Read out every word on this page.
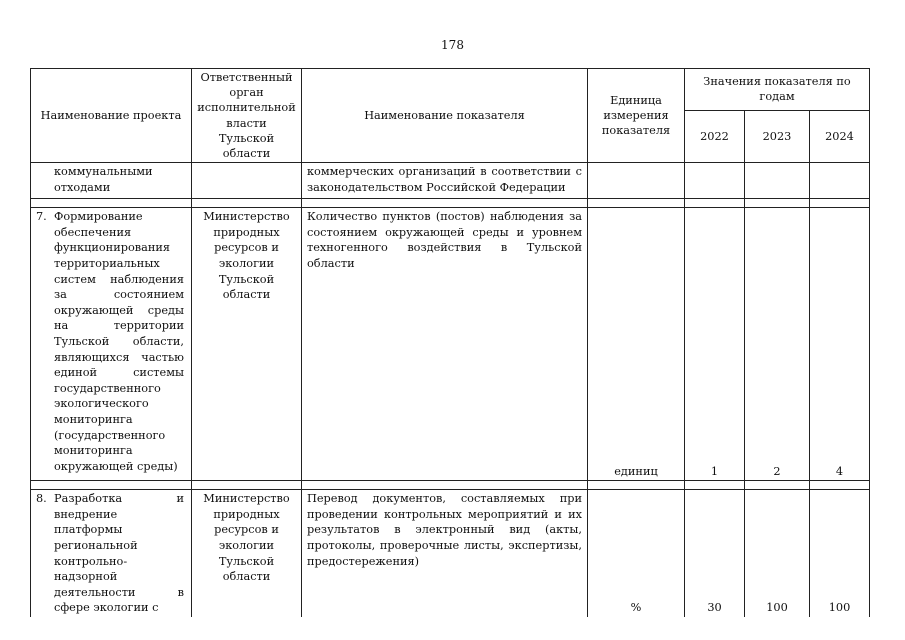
178
Наименование проекта	Ответственный орган исполнительной власти Тульской области	Наименование показателя	Единица измерения показателя	Значения показателя по годам		
				2022	2023	2024
коммунальными отходами		коммерческих организаций в соответствии с законодательством Российской Федерации				

7. Формирование обеспечения функционирования территориальных систем наблюдения за состоянием окружающей среды на территории Тульской области, являющихся частью единой системы государственного экологического мониторинга (государственного мониторинга окружающей среды)	Министерство природных ресурсов и экологии Тульской области	Количество пунктов (постов) наблюдения за состоянием окружающей среды и уровнем техногенного воздействия в Тульской области	единиц	1	2	4

8. Разработка и внедрение платформы региональной контрольно-надзорной деятельности в сфере экологии с	Министерство природных ресурсов и экологии Тульской области	Перевод документов, составляемых при проведении контрольных мероприятий и их результатов в электронный вид (акты, протоколы, проверочные листы, экспертизы, предостережения)	%	30	100	100
